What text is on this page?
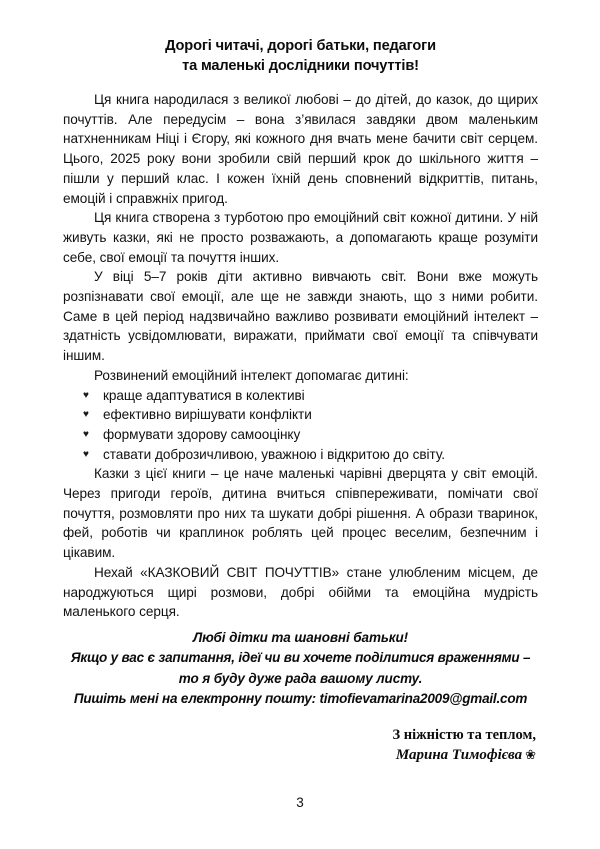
Дорогі читачі, дорогі батьки, педагоги
та маленькі дослідники почуттів!

Ця книга народилася з великої любові – до дітей, до казок, до щирих почуттів. Але передусім – вона з’явилася завдяки двом маленьким натхненникам Ніці і Єгору, які кожного дня вчать мене бачити світ серцем. Цього, 2025 року вони зробили свій перший крок до шкільного життя – пішли у перший клас. І кожен їхній день сповнений відкриттів, питань, емоцій і справжніх пригод.

Ця книга створена з турботою про емоційний світ кожної дитини. У ній живуть казки, які не просто розважають, а допомагають краще розуміти себе, свої емоції та почуття інших.

У віці 5–7 років діти активно вивчають світ. Вони вже можуть розпізнавати свої емоції, але ще не завжди знають, що з ними робити. Саме в цей період надзвичайно важливо розвивати емоційний інтелект – здатність усвідомлювати, виражати, приймати свої емоції та співчувати іншим.

Розвинений емоційний інтелект допомагає дитині:

♥ краще адаптуватися в колективі
♥ ефективно вирішувати конфлікти
♥ формувати здорову самооцінку
♥ ставати доброзичливою, уважною і відкритою до світу.

Казки з цієї книги – це наче маленькі чарівні дверцята у світ емоцій. Через пригоди героїв, дитина вчиться співпереживати, помічати свої почуття, розмовляти про них та шукати добрі рішення. А образи тваринок, фей, роботів чи краплинок роблять цей процес веселим, безпечним і цікавим.

Нехай «КАЗКОВИЙ СВІТ ПОЧУТТІВ» стане улюбленим місцем, де народжуються щирі розмови, добрі обійми та емоційна мудрість маленького серця.

Любі дітки та шановні батьки!
Якщо у вас є запитання, ідеї чи ви хочете поділитися враженнями –
то я буду дуже рада вашому листу.
Пишіть мені на електронну пошту: timofievamarina2009@gmail.com
З ніжністю та теплом,
Марина Тимофієва ❀
3
